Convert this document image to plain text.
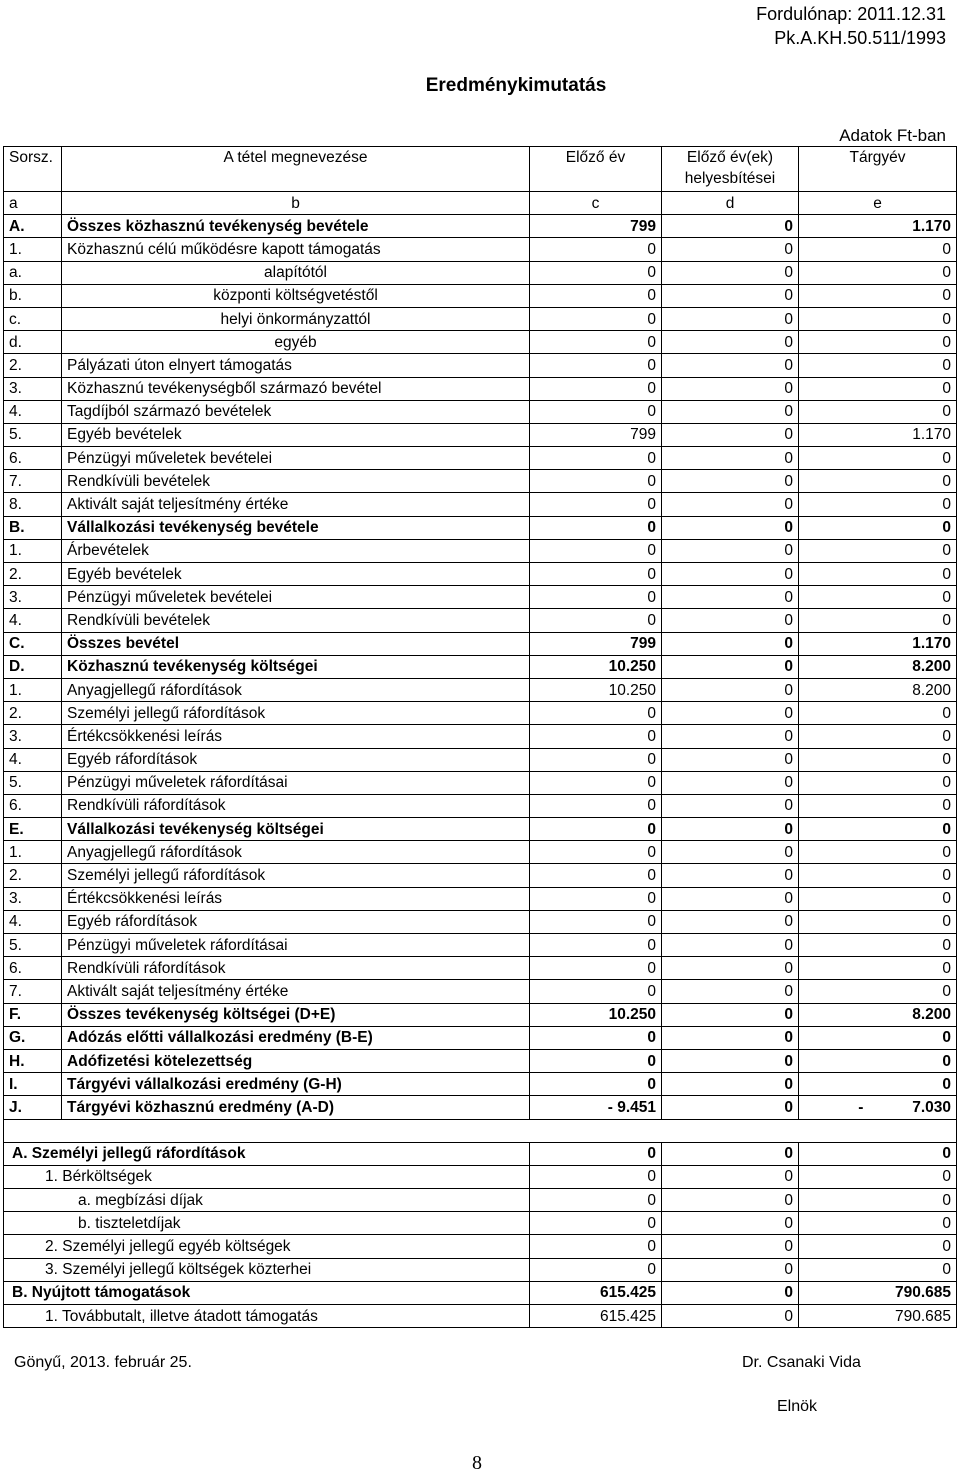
Fordulónap: 2011.12.31
Pk.A.KH.50.511/1993
Eredménykimutatás
Adatok Ft-ban
Sorsz.	A tétel megnevezése	Előző év	Előző év(ek)
helyesbítései	Tárgyév
a	b	c	d	e
A.	Összes közhasznú tevékenység bevétele	799	0	1.170
1.	Közhasznú célú működésre kapott támogatás	0	0	0
a.	alapítótól	0	0	0
b.	központi költségvetéstől	0	0	0
c.	helyi önkormányzattól	0	0	0
d.	egyéb	0	0	0
2.	Pályázati úton elnyert támogatás	0	0	0
3.	Közhasznú tevékenységből származó bevétel	0	0	0
4.	Tagdíjból származó bevételek	0	0	0
5.	Egyéb bevételek	799	0	1.170
6.	Pénzügyi műveletek bevételei	0	0	0
7.	Rendkívüli bevételek	0	0	0
8.	Aktivált saját teljesítmény értéke	0	0	0
B.	Vállalkozási tevékenység bevétele	0	0	0
1.	Árbevételek	0	0	0
2.	Egyéb bevételek	0	0	0
3.	Pénzügyi műveletek bevételei	0	0	0
4.	Rendkívüli bevételek	0	0	0
C.	Összes bevétel	799	0	1.170
D.	Közhasznú tevékenység költségei	10.250	0	8.200
1.	Anyagjellegű ráfordítások	10.250	0	8.200
2.	Személyi jellegű ráfordítások	0	0	0
3.	Értékcsökkenési leírás	0	0	0
4.	Egyéb ráfordítások	0	0	0
5.	Pénzügyi műveletek ráfordításai	0	0	0
6.	Rendkívüli ráfordítások	0	0	0
E.	Vállalkozási tevékenység költségei	0	0	0
1.	Anyagjellegű ráfordítások	0	0	0
2.	Személyi jellegű ráfordítások	0	0	0
3.	Értékcsökkenési leírás	0	0	0
4.	Egyéb ráfordítások	0	0	0
5.	Pénzügyi műveletek ráfordításai	0	0	0
6.	Rendkívüli ráfordítások	0	0	0
7.	Aktivált saját teljesítmény értéke	0	0	0
F.	Összes tevékenység költségei (D+E)	10.250	0	8.200
G.	Adózás előtti vállalkozási eredmény (B-E)	0	0	0
H.	Adófizetési kötelezettség	0	0	0
I.	Tárgyévi vállalkozási eredmény (G-H)	0	0	0
J.	Tárgyévi közhasznú eredmény (A-D)	- 9.451	0	- 7.030

A. Személyi jellegű ráfordítások		0	0	0
1. Bérköltségek		0	0	0
a. megbízási díjak		0	0	0
b. tiszteletdíjak		0	0	0
2. Személyi jellegű egyéb költségek		0	0	0
3. Személyi jellegű költségek közterhei		0	0	0
B. Nyújtott támogatások		615.425	0	790.685
1. Továbbutalt, illetve átadott támogatás		615.425	0	790.685
Gönyű, 2013. február 25.	Dr. Csanaki Vida
Elnök
8
